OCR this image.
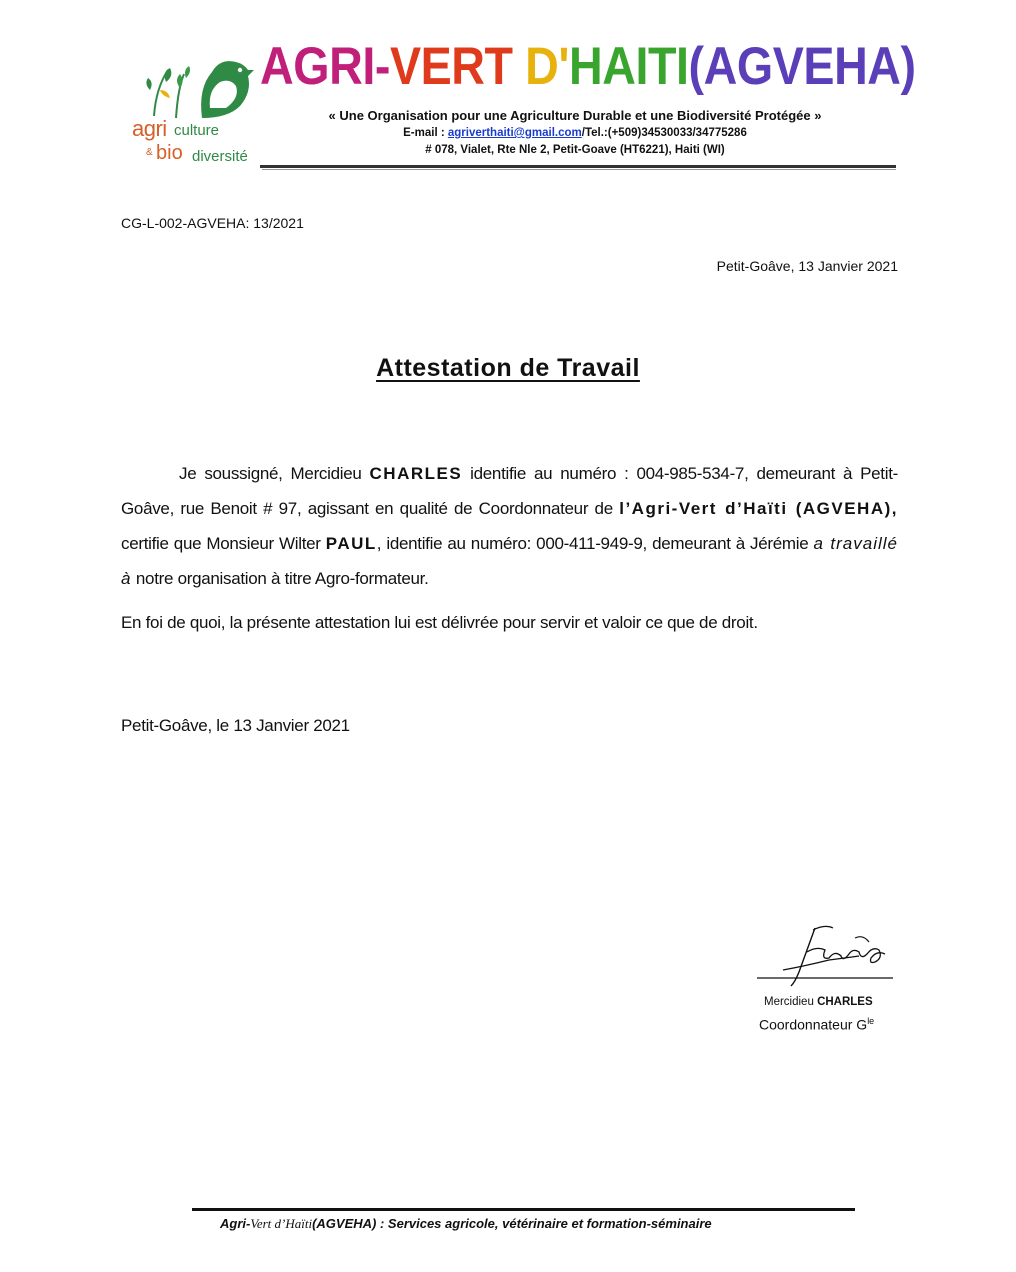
agri culture
& bio diversité
AGRI-VERT D'HAITI(AGVEHA)
« Une Organisation pour une Agriculture Durable et une Biodiversité Protégée »
E-mail : agriverthaiti@gmail.com/Tel.:(+509)34530033/34775286
# 078, Vialet, Rte Nle 2, Petit-Goave (HT6221), Haiti (WI)
CG-L-002-AGVEHA: 13/2021
Petit-Goâve, 13 Janvier 2021
Attestation de Travail

Je soussigné, Mercidieu CHARLES identifie au numéro : 004-985-534-7, demeurant à Petit-Goâve, rue Benoit # 97, agissant en qualité de Coordonnateur de l’Agri-Vert d’Haïti (AGVEHA), certifie que Monsieur Wilter PAUL, identifie au numéro: 000-411-949-9, demeurant à Jérémie a travaillé à notre organisation à titre Agro-formateur.

En foi de quoi, la présente attestation lui est délivrée pour servir et valoir ce que de droit.

Petit-Goâve, le 13 Janvier 2021
Mercidieu CHARLES
Coordonnateur $G^{le}$
Agri-Vert d’Haïti(AGVEHA) : Services agricole, vétérinaire et formation-séminaire
